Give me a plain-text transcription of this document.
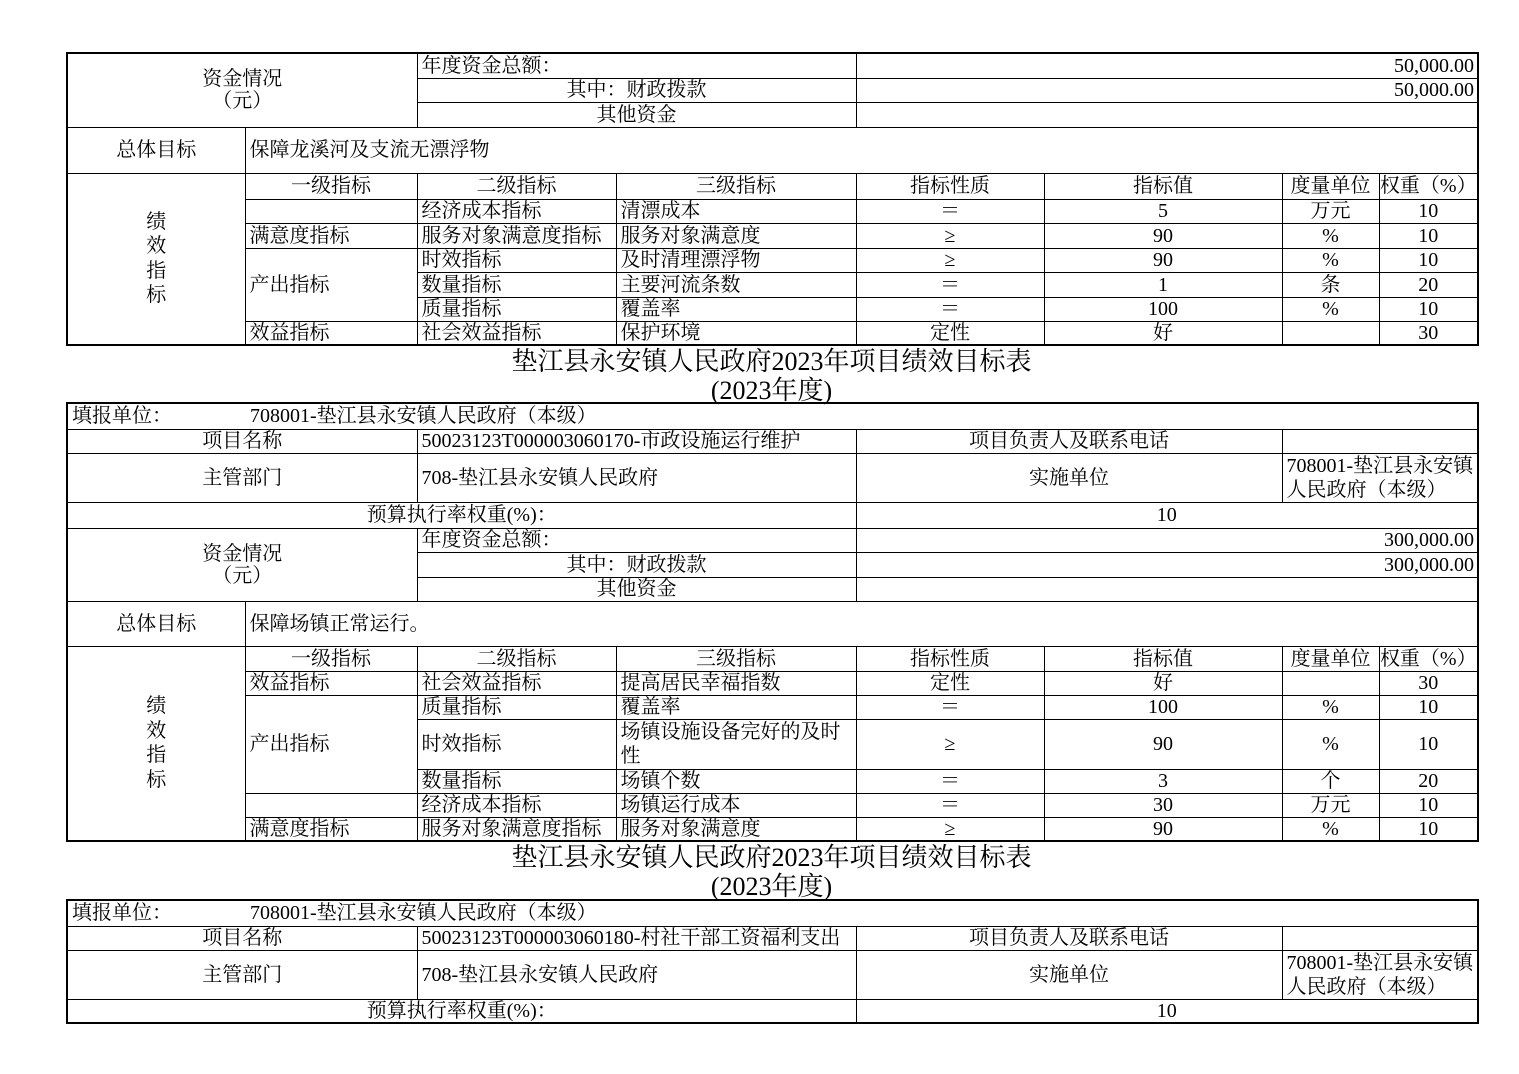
资金情况
（元）		年度资金总额：		50,000.00			
		其中：财政拨款		50,000.00			
		其他资金					
总体目标	保障龙溪河及支流无漂浮物						

绩效指标	一级指标	二级指标	三级指标	指标性质	指标值	度量单位	权重（%）
		经济成本指标	清漂成本	＝	5	万元	10
	满意度指标	服务对象满意度指标	服务对象满意度	≥	90	%	10
	产出指标	时效指标	及时清理漂浮物	≥	90	%	10
		数量指标	主要河流条数	＝	1	条	20
		质量指标	覆盖率	＝	100	%	10
	效益指标	社会效益指标	保护环境	定性	好		30
垫江县永安镇人民政府2023年项目绩效目标表
(2023年度)
填报单位： 708001-垫江县永安镇人民政府（本级）							
项目名称		50023123T000003060170-市政设施运行维护		项目负责人及联系电话			
主管部门		708-垫江县永安镇人民政府		实施单位		708001-垫江县永安镇人民政府（本级）	
预算执行率权重(%)：				10			

资金情况
（元）		年度资金总额：		300,000.00			
		其中：财政拨款		300,000.00			
		其他资金					
总体目标	保障场镇正常运行。						

绩效指标	一级指标	二级指标	三级指标	指标性质	指标值	度量单位	权重（%）
	效益指标	社会效益指标	提高居民幸福指数	定性	好		30
	产出指标	质量指标	覆盖率	＝	100	%	10
		时效指标	场镇设施设备完好的及时性	≥	90	%	10
		数量指标	场镇个数	＝	3	个	20
		经济成本指标	场镇运行成本	＝	30	万元	10
	满意度指标	服务对象满意度指标	服务对象满意度	≥	90	%	10
垫江县永安镇人民政府2023年项目绩效目标表
(2023年度)
填报单位： 708001-垫江县永安镇人民政府（本级）			
项目名称	50023123T000003060180-村社干部工资福利支出	项目负责人及联系电话	
主管部门	708-垫江县永安镇人民政府	实施单位	708001-垫江县永安镇人民政府（本级）
预算执行率权重(%)：		10	
